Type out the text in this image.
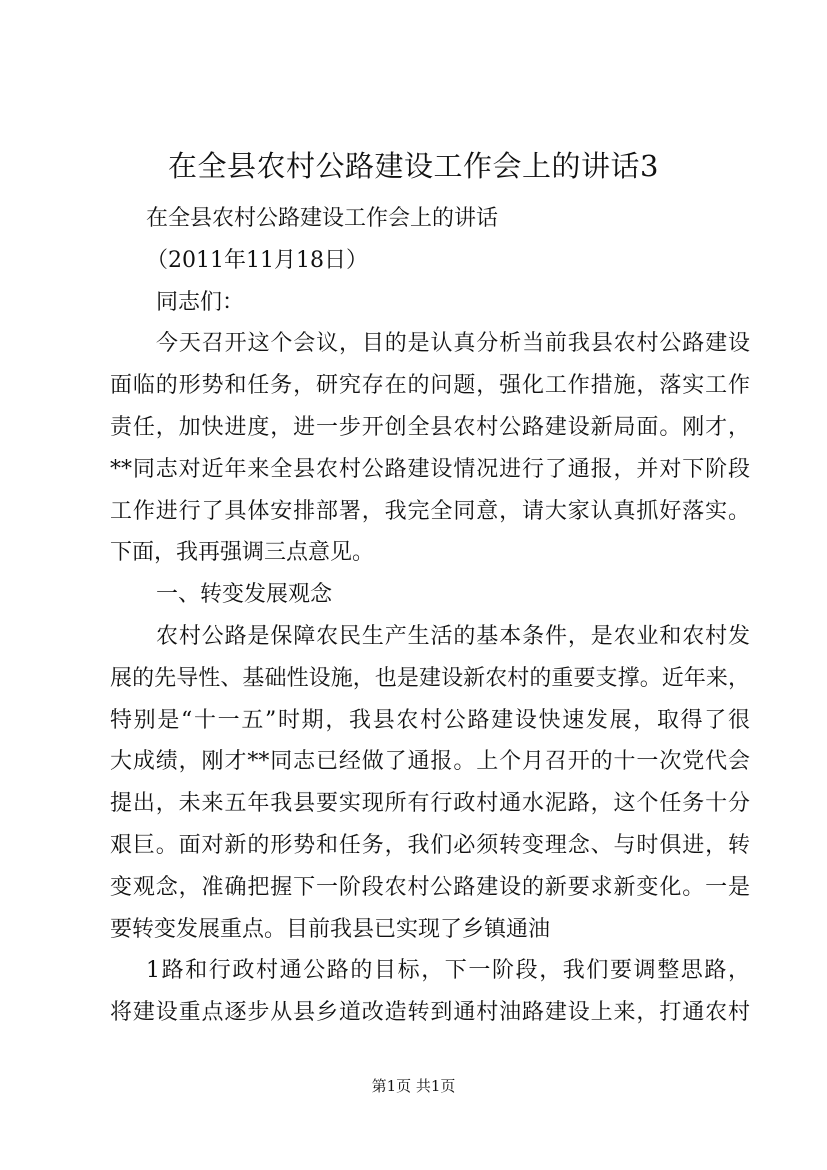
在全县农村公路建设工作会上的讲话3
在全县农村公路建设工作会上的讲话
（2011年11月18日）
同志们：
今天召开这个会议，目的是认真分析当前我县农村公路建设
面临的形势和任务，研究存在的问题，强化工作措施，落实工作
责任，加快进度，进一步开创全县农村公路建设新局面。刚才，
**同志对近年来全县农村公路建设情况进行了通报，并对下阶段
工作进行了具体安排部署，我完全同意，请大家认真抓好落实。
下面，我再强调三点意见。
一、转变发展观念
农村公路是保障农民生产生活的基本条件，是农业和农村发
展的先导性、基础性设施，也是建设新农村的重要支撑。近年来，
特别是“十一五”时期，我县农村公路建设快速发展，取得了很
大成绩，刚才**同志已经做了通报。上个月召开的十一次党代会
提出，未来五年我县要实现所有行政村通水泥路，这个任务十分
艰巨。面对新的形势和任务，我们必须转变理念、与时俱进，转
变观念，准确把握下一阶段农村公路建设的新要求新变化。一是
要转变发展重点。目前我县已实现了乡镇通油
1路和行政村通公路的目标，下一阶段，我们要调整思路，
将建设重点逐步从县乡道改造转到通村油路建设上来，打通农村
第1页 共1页
